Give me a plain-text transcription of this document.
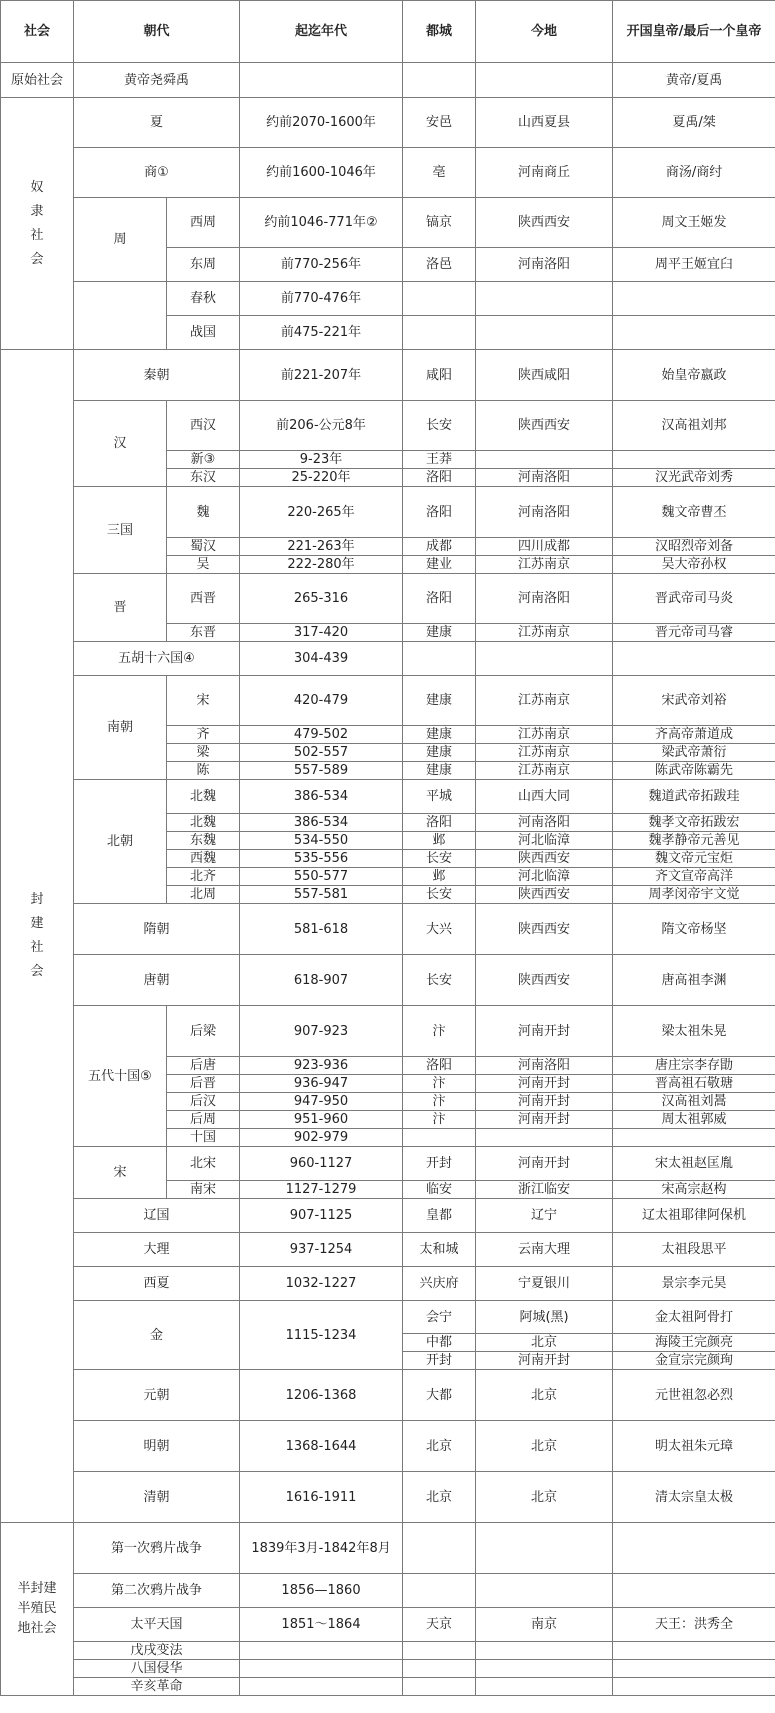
社会	朝代		起迄年代	都城	今地	开国皇帝/最后一个皇帝
原始社会	黄帝尧舜禹					黄帝/夏禹

奴隶社会	夏		约前2070-1600年	安邑	山西夏县	夏禹/桀
	商①		约前1600-1046年	亳	河南商丘	商汤/商纣
	周	西周	约前1046-771年②	镐京	陕西西安	周文王姬发
		东周	前770-256年	洛邑	河南洛阳	周平王姬宜臼
		春秋	前770-476年			
		战国	前475-221年			

封建社会	秦朝		前221-207年	咸阳	陕西咸阳	始皇帝嬴政
	汉	西汉	前206-公元8年	长安	陕西西安	汉高祖刘邦
		新③	9-23年	王莽		
		东汉	25-220年	洛阳	河南洛阳	汉光武帝刘秀
	三国	魏	220-265年	洛阳	河南洛阳	魏文帝曹丕
		蜀汉	221-263年	成都	四川成都	汉昭烈帝刘备
		吴	222-280年	建业	江苏南京	吴大帝孙权
	晋	西晋	265-316	洛阳	河南洛阳	晋武帝司马炎
		东晋	317-420	建康	江苏南京	晋元帝司马睿
	五胡十六国④		304-439			
	南朝	宋	420-479	建康	江苏南京	宋武帝刘裕
		齐	479-502	建康	江苏南京	齐高帝萧道成
		梁	502-557	建康	江苏南京	梁武帝萧衍
		陈	557-589	建康	江苏南京	陈武帝陈霸先
	北朝	北魏	386-534	平城	山西大同	魏道武帝拓跋珪
		北魏	386-534	洛阳	河南洛阳	魏孝文帝拓跋宏
		东魏	534-550	邺	河北临漳	魏孝静帝元善见
		西魏	535-556	长安	陕西西安	魏文帝元宝炬
		北齐	550-577	邺	河北临漳	齐文宣帝高洋
		北周	557-581	长安	陕西西安	周孝闵帝宇文觉
	隋朝		581-618	大兴	陕西西安	隋文帝杨坚
	唐朝		618-907	长安	陕西西安	唐高祖李渊
	五代十国⑤	后梁	907-923	汴	河南开封	梁太祖朱晃
		后唐	923-936	洛阳	河南洛阳	唐庄宗李存勖
		后晋	936-947	汴	河南开封	晋高祖石敬瑭
		后汉	947-950	汴	河南开封	汉高祖刘暠
		后周	951-960	汴	河南开封	周太祖郭威
		十国	902-979			
	宋	北宋	960-1127	开封	河南开封	宋太祖赵匡胤
		南宋	1127-1279	临安	浙江临安	宋高宗赵构
	辽国		907-1125	皇都	辽宁	辽太祖耶律阿保机
	大理		937-1254	太和城	云南大理	太祖段思平
	西夏		1032-1227	兴庆府	宁夏银川	景宗李元昊
	金		1115-1234	会宁	阿城(黑)	金太祖阿骨打
				中都	北京	海陵王完颜亮
				开封	河南开封	金宣宗完颜珣
	元朝		1206-1368	大都	北京	元世祖忽必烈
	明朝		1368-1644	北京	北京	明太祖朱元璋
	清朝		1616-1911	北京	北京	清太宗皇太极

半封建半殖民地社会	第一次鸦片战争		1839年3月-1842年8月			
	第二次鸦片战争		1856—1860			
	太平天国		1851～1864	天京	南京	天王：洪秀全
	戊戌变法					
	八国侵华					
	辛亥革命					
